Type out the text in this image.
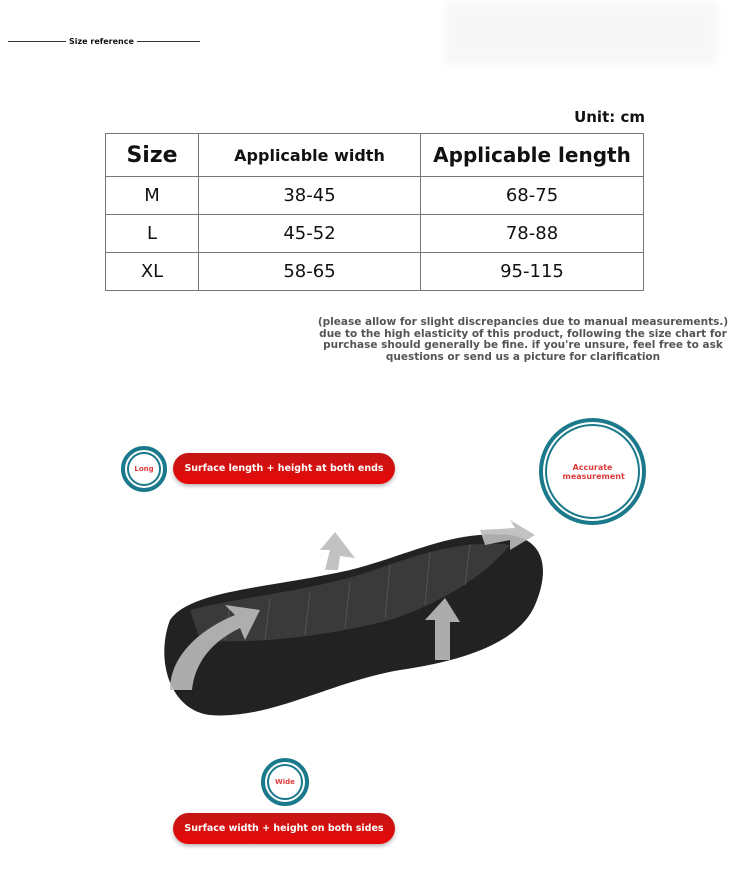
Size reference
Unit: cm
Size	Applicable width	Applicable length
M	38-45	68-75
L	45-52	78-88
XL	58-65	95-115
(please allow for slight discrepancies due to manual measurements.) due to the high elasticity of this product, following the size chart for purchase should generally be fine. if you're unsure, feel free to ask questions or send us a picture for clarification
Long	Surface length + height at both ends	Accurate measurement
Wide
Surface width + height on both sides
